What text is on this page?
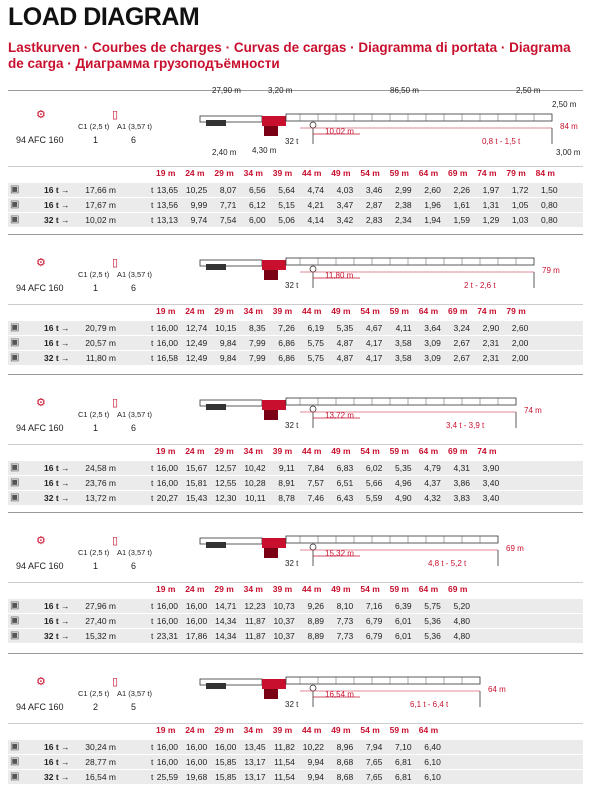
LOAD DIAGRAM
Lastkurven · Courbes de charges · Curvas de cargas · Diagramma di portata · Diagrama de carga · Диаграмма грузоподъёмности
⚙	▯
C1 (2,5 t) A1 (3,57 t)
94 AFC 160	1	6	32 t
10,02 m
0,8 t - 1,5 t
84 m
27,90 m	3,20 m	86,50 m	2,50 m
2,50 m
2,40 m 4,30 m	3,00 m
19 m 24 m 29 m 34 m 39 m 44 m 49 m 54 m 59 m 64 m 69 m 74 m 79 m 84 m
▣	16 t →	17,66 m	t 13,65 10,25	8,07	6,56	5,64	4,74	4,03	3,46	2,99	2,60	2,26	1,97	1,72	1,50
▣	16 t →	17,67 m	t 13,56	9,99	7,71	6,12	5,15	4,21	3,47	2,87	2,38	1,96	1,61	1,31	1,05	0,80
▣	32 t →	10,02 m	t 13,13	9,74	7,54	6,00	5,06	4,14	3,42	2,83	2,34	1,94	1,59	1,29	1,03	0,80
⚙	▯
C1 (2,5 t) A1 (3,57 t)
94 AFC 160	1	6	32 t
11,80 m
2 t - 2,6 t
79 m
19 m 24 m 29 m 34 m 39 m 44 m 49 m 54 m 59 m 64 m 69 m 74 m 79 m
▣	16 t →	20,79 m	t 16,00 12,74 10,15	8,35	7,26	6,19	5,35	4,67	4,11	3,64	3,24	2,90	2,60
▣	16 t →	20,57 m	t 16,00 12,49	9,84	7,99	6,86	5,75	4,87	4,17	3,58	3,09	2,67	2,31	2,00
▣	32 t →	11,80 m	t 16,58 12,49	9,84	7,99	6,86	5,75	4,87	4,17	3,58	3,09	2,67	2,31	2,00
⚙	▯
C1 (2,5 t) A1 (3,57 t)
94 AFC 160	1	6	32 t
13,72 m
3,4 t - 3,9 t
74 m
19 m 24 m 29 m 34 m 39 m 44 m 49 m 54 m 59 m 64 m 69 m 74 m
▣	16 t →	24,58 m	t 16,00 15,67 12,57 10,42	9,11	7,84	6,83	6,02	5,35	4,79	4,31	3,90
▣	16 t →	23,76 m	t 16,00 15,81 12,55 10,28	8,91	7,57	6,51	5,66	4,96	4,37	3,86	3,40
▣	32 t →	13,72 m	t 20,27 15,43 12,30 10,11	8,78	7,46	6,43	5,59	4,90	4,32	3,83	3,40
⚙	▯
C1 (2,5 t) A1 (3,57 t)
94 AFC 160	1	6	32 t
15,32 m
4,8 t - 5,2 t
69 m
19 m 24 m 29 m 34 m 39 m 44 m 49 m 54 m 59 m 64 m 69 m
▣	16 t →	27,96 m	t 16,00 16,00 14,71 12,23 10,73	9,26	8,10	7,16	6,39	5,75	5,20
▣	16 t →	27,40 m	t 16,00 16,00 14,34 11,87 10,37	8,89	7,73	6,79	6,01	5,36	4,80
▣	32 t →	15,32 m	t 23,31 17,86 14,34 11,87 10,37	8,89	7,73	6,79	6,01	5,36	4,80
⚙	▯
C1 (2,5 t) A1 (3,57 t)
94 AFC 160	2	5	32 t
16,54 m
6,1 t - 6,4 t
64 m
19 m 24 m 29 m 34 m 39 m 44 m 49 m 54 m 59 m 64 m
▣	16 t →	30,24 m	t 16,00 16,00 16,00 13,45 11,82 10,22	8,96	7,94	7,10	6,40
▣	16 t →	28,77 m	t 16,00 16,00 15,85 13,17 11,54	9,94	8,68	7,65	6,81	6,10
▣	32 t →	16,54 m	t 25,59 19,68 15,85 13,17 11,54	9,94	8,68	7,65	6,81	6,10
